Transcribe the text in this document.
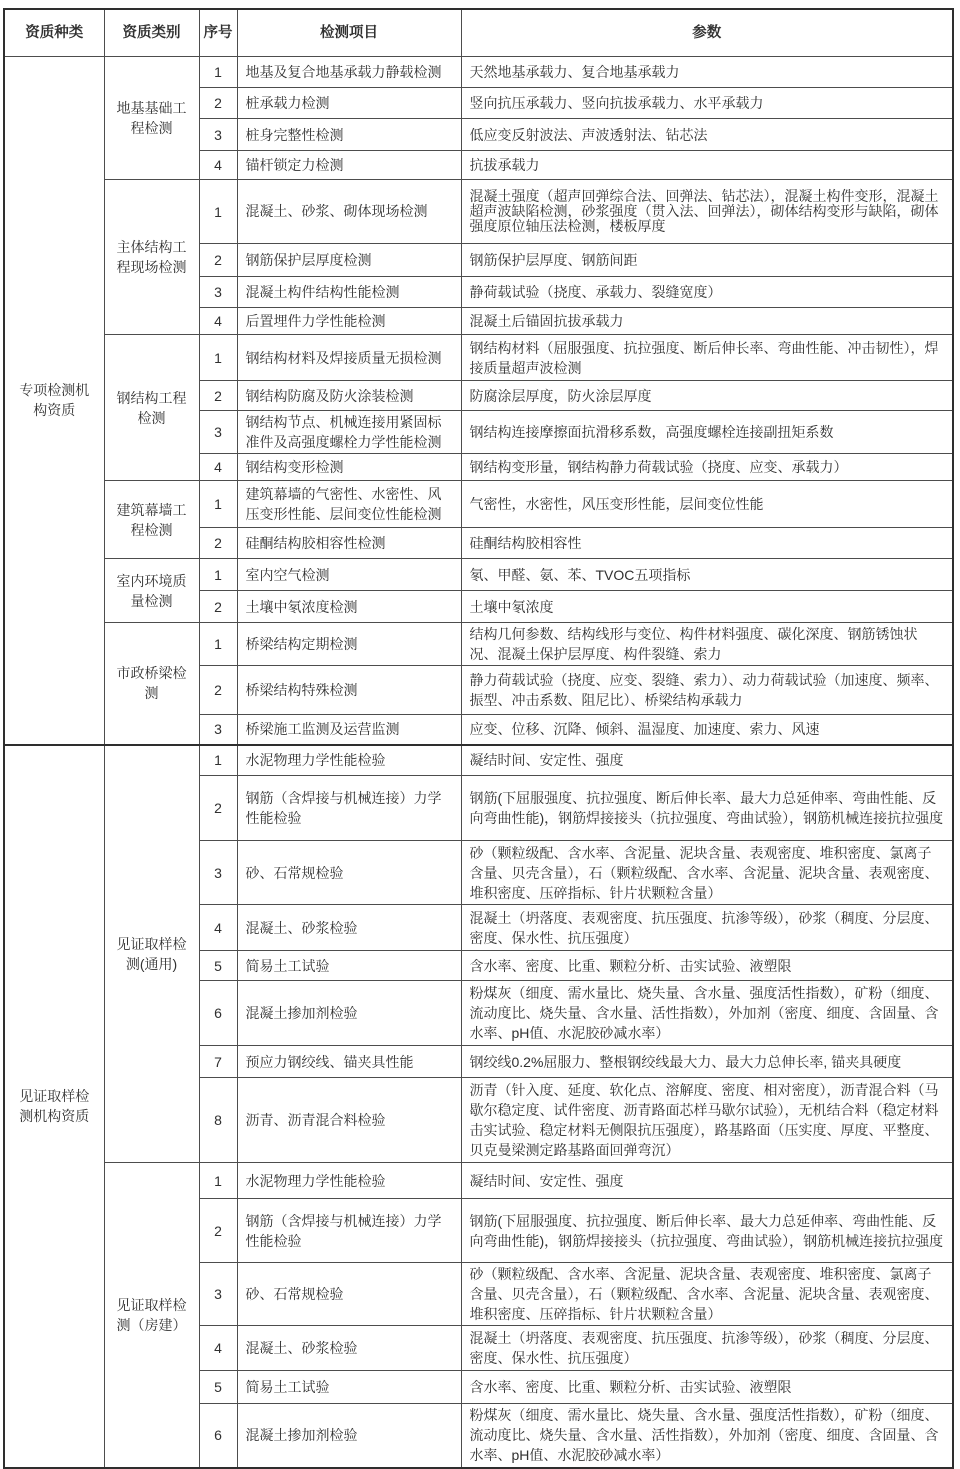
资质种类	资质类别	序号	检测项目	参数
专项检测机构资质	地基基础工程检测	1	地基及复合地基承载力静载检测	天然地基承载力、复合地基承载力
		2	桩承载力检测	竖向抗压承载力、竖向抗拔承载力、水平承载力
		3	桩身完整性检测	低应变反射波法、声波透射法、钻芯法
		4	锚杆锁定力检测	抗拔承载力
	主体结构工程现场检测	1	混凝土、砂浆、砌体现场检测	混凝土强度（超声回弹综合法、回弹法、钻芯法），混凝土构件变形，混凝土超声波缺陷检测，砂浆强度（贯入法、回弹法），砌体结构变形与缺陷，砌体强度原位轴压法检测，楼板厚度
		2	钢筋保护层厚度检测	钢筋保护层厚度、钢筋间距
		3	混凝土构件结构性能检测	静荷载试验（挠度、承载力、裂缝宽度）
		4	后置埋件力学性能检测	混凝土后锚固抗拔承载力
	钢结构工程检测	1	钢结构材料及焊接质量无损检测	钢结构材料（屈服强度、抗拉强度、断后伸长率、弯曲性能、冲击韧性），焊接质量超声波检测
		2	钢结构防腐及防火涂装检测	防腐涂层厚度，防火涂层厚度
		3	钢结构节点、机械连接用紧固标准件及高强度螺栓力学性能检测	钢结构连接摩擦面抗滑移系数，高强度螺栓连接副扭矩系数
		4	钢结构变形检测	钢结构变形量，钢结构静力荷载试验（挠度、应变、承载力）
	建筑幕墙工程检测	1	建筑幕墙的气密性、水密性、风压变形性能、层间变位性能检测	气密性，水密性，风压变形性能，层间变位性能
		2	硅酮结构胶相容性检测	硅酮结构胶相容性
	室内环境质量检测	1	室内空气检测	氡、甲醛、氨、苯、TVOC五项指标
		2	土壤中氡浓度检测	土壤中氡浓度
	市政桥梁检测	1	桥梁结构定期检测	结构几何参数、结构线形与变位、构件材料强度、碳化深度、钢筋锈蚀状况、混凝土保护层厚度、构件裂缝、索力
		2	桥梁结构特殊检测	静力荷载试验（挠度、应变、裂缝、索力）、动力荷载试验（加速度、频率、振型、冲击系数、阻尼比）、桥梁结构承载力
		3	桥梁施工监测及运营监测	应变、位移、沉降、倾斜、温湿度、加速度、索力、风速
见证取样检测机构资质	见证取样检测(通用)	1	水泥物理力学性能检验	凝结时间、安定性、强度
		2	钢筋（含焊接与机械连接）力学性能检验	钢筋(下屈服强度、抗拉强度、断后伸长率、最大力总延伸率、弯曲性能、反向弯曲性能)，钢筋焊接接头（抗拉强度、弯曲试验），钢筋机械连接抗拉强度
		3	砂、石常规检验	砂（颗粒级配、含水率、含泥量、泥块含量、表观密度、堆积密度、氯离子含量、贝壳含量），石（颗粒级配、含水率、含泥量、泥块含量、表观密度、堆积密度、压碎指标、针片状颗粒含量）
		4	混凝土、砂浆检验	混凝土（坍落度、表观密度、抗压强度、抗渗等级），砂浆（稠度、分层度、密度、保水性、抗压强度）
		5	简易土工试验	含水率、密度、比重、颗粒分析、击实试验、液塑限
		6	混凝土掺加剂检验	粉煤灰（细度、需水量比、烧失量、含水量、强度活性指数），矿粉（细度、流动度比、烧失量、含水量、活性指数），外加剂（密度、细度、含固量、含水率、pH值、水泥胶砂减水率）
		7	预应力钢绞线、锚夹具性能	钢绞线0.2%屈服力、整根钢绞线最大力、最大力总伸长率, 锚夹具硬度
		8	沥青、沥青混合料检验	沥青（针入度、延度、软化点、溶解度、密度、相对密度），沥青混合料（马歇尔稳定度、试件密度、沥青路面芯样马歇尔试验），无机结合料（稳定材料击实试验、稳定材料无侧限抗压强度），路基路面（压实度、厚度、平整度、贝克曼梁测定路基路面回弹弯沉）
	见证取样检测（房建）	1	水泥物理力学性能检验	凝结时间、安定性、强度
		2	钢筋（含焊接与机械连接）力学性能检验	钢筋(下屈服强度、抗拉强度、断后伸长率、最大力总延伸率、弯曲性能、反向弯曲性能)，钢筋焊接接头（抗拉强度、弯曲试验），钢筋机械连接抗拉强度
		3	砂、石常规检验	砂（颗粒级配、含水率、含泥量、泥块含量、表观密度、堆积密度、氯离子含量、贝壳含量），石（颗粒级配、含水率、含泥量、泥块含量、表观密度、堆积密度、压碎指标、针片状颗粒含量）
		4	混凝土、砂浆检验	混凝土（坍落度、表观密度、抗压强度、抗渗等级），砂浆（稠度、分层度、密度、保水性、抗压强度）
		5	简易土工试验	含水率、密度、比重、颗粒分析、击实试验、液塑限
		6	混凝土掺加剂检验	粉煤灰（细度、需水量比、烧失量、含水量、强度活性指数），矿粉（细度、流动度比、烧失量、含水量、活性指数），外加剂（密度、细度、含固量、含水率、pH值、水泥胶砂减水率）
